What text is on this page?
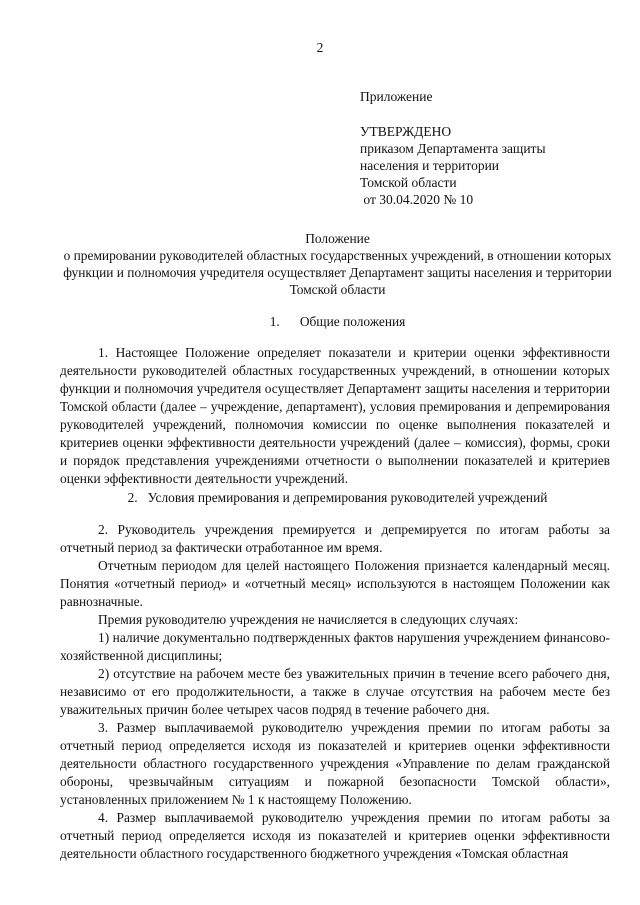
2
Приложение
УТВЕРЖДЕНО
приказом Департамента защиты
населения и территории
Томской области
от 30.04.2020 № 10
Положение
о премировании руководителей областных государственных учреждений, в отношении которых функции и полномочия учредителя осуществляет Департамент защиты населения и территории Томской области
1.      Общие положения

1. Настоящее Положение определяет показатели и критерии оценки эффективности деятельности руководителей областных государственных учреждений, в отношении которых функции и полномочия учредителя осуществляет Департамент защиты населения и территории Томской области (далее – учреждение, департамент), условия премирования и депремирования руководителей учреждений, полномочия комиссии по оценке выполнения показателей и критериев оценки эффективности деятельности учреждений (далее – комиссия), формы, сроки и порядок представления учреждениями отчетности о выполнении показателей и критериев оценки эффективности деятельности учреждений.

2.   Условия премирования и депремирования руководителей учреждений

2. Руководитель учреждения премируется и депремируется по итогам работы за отчетный период за фактически отработанное им время.

Отчетным периодом для целей настоящего Положения признается календарный месяц. Понятия «отчетный период» и «отчетный месяц» используются в настоящем Положении как равнозначные.

Премия руководителю учреждения не начисляется в следующих случаях:

1) наличие документально подтвержденных фактов нарушения учреждением финансово-хозяйственной дисциплины;

2) отсутствие на рабочем месте без уважительных причин в течение всего рабочего дня, независимо от его продолжительности, а также в случае отсутствия на рабочем месте без уважительных причин более четырех часов подряд в течение рабочего дня.

3. Размер выплачиваемой руководителю учреждения премии по итогам работы за отчетный период определяется исходя из показателей и критериев оценки эффективности деятельности областного государственного учреждения «Управление по делам гражданской обороны, чрезвычайным ситуациям и пожарной безопасности Томской области», установленных приложением № 1 к настоящему Положению.

4. Размер выплачиваемой руководителю учреждения премии по итогам работы за отчетный период определяется исходя из показателей и критериев оценки эффективности деятельности областного государственного бюджетного учреждения «Томская областная
